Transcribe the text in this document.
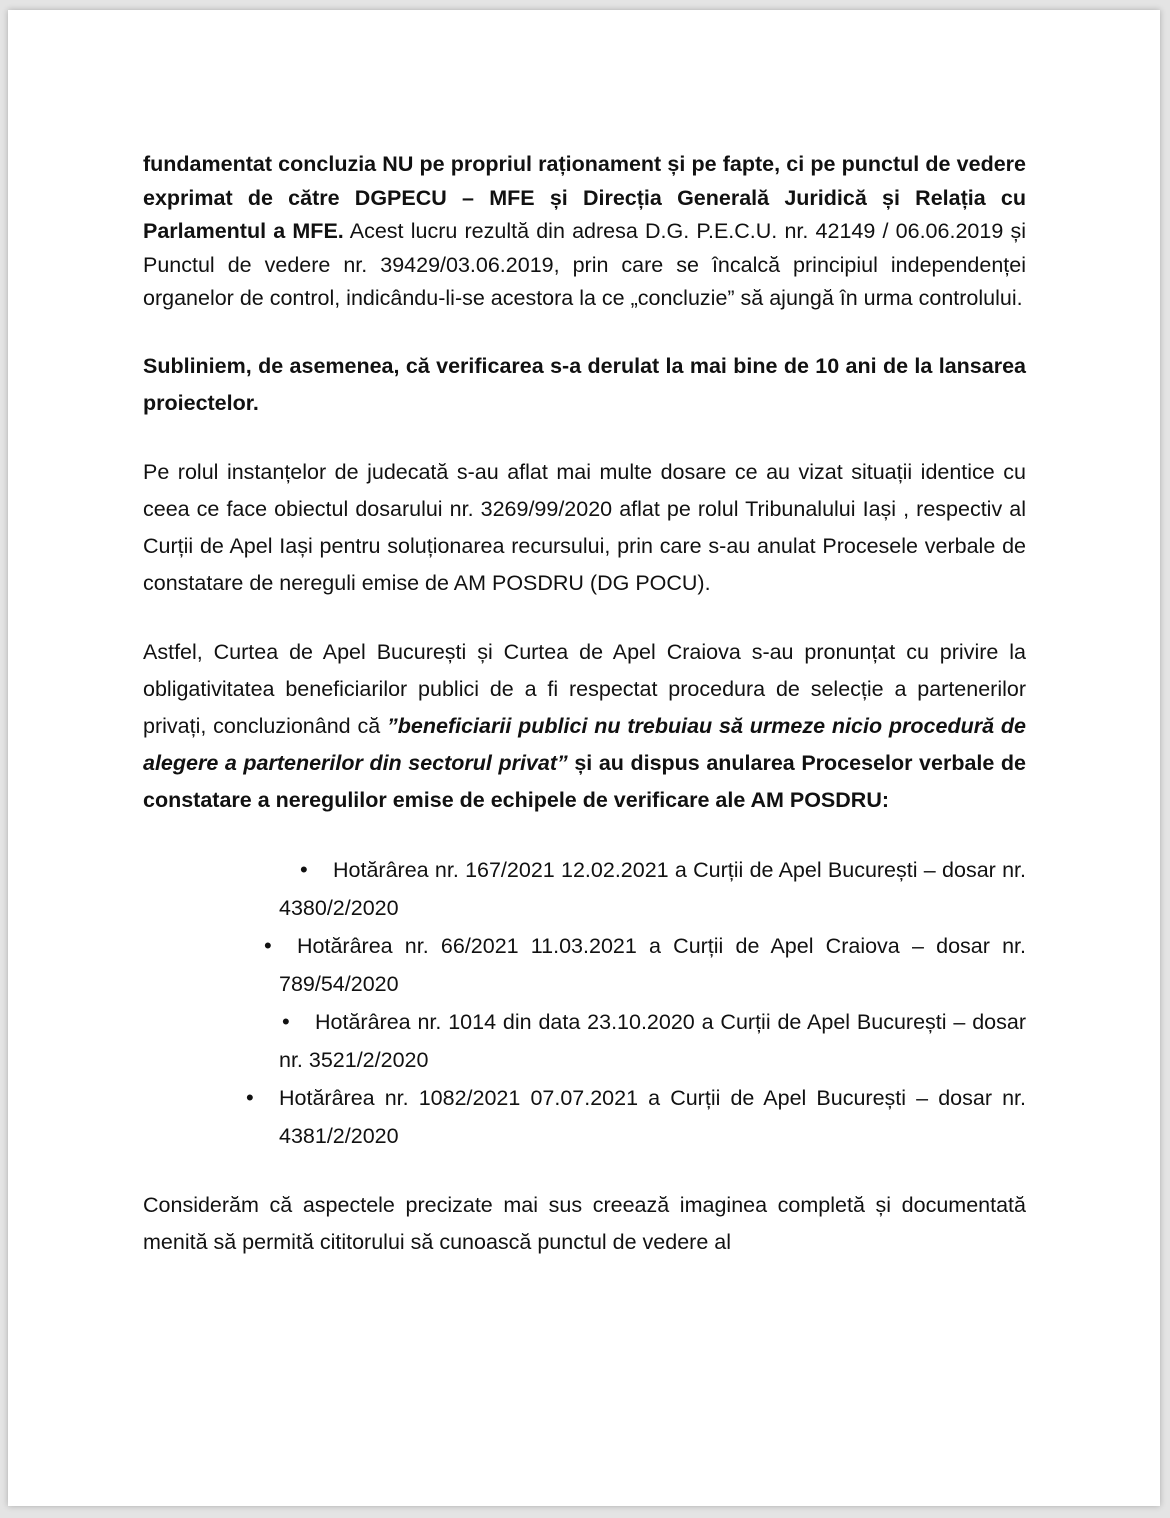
fundamentat concluzia NU pe propriul raționament și pe fapte, ci pe punctul de vedere exprimat de către DGPECU – MFE și Direcția Generală Juridică și Relația cu Parlamentul a MFE. Acest lucru rezultă din adresa D.G. P.E.C.U. nr. 42149 / 06.06.2019 și Punctul de vedere nr. 39429/03.06.2019, prin care se încalcă principiul independenței organelor de control, indicându-li-se acestora la ce „concluzie” să ajungă în urma controlului.

Subliniem, de asemenea, că verificarea s-a derulat la mai bine de 10 ani de la lansarea proiectelor.

Pe rolul instanțelor de judecată s-au aflat mai multe dosare ce au vizat situații identice cu ceea ce face obiectul dosarului nr. 3269/99/2020 aflat pe rolul Tribunalului Iași , respectiv al Curții de Apel Iași pentru soluționarea recursului, prin care s-au anulat Procesele verbale de constatare de nereguli emise de AM POSDRU (DG POCU).

Astfel, Curtea de Apel București și Curtea de Apel Craiova s-au pronunțat cu privire la obligativitatea beneficiarilor publici de a fi respectat procedura de selecție a partenerilor privați, concluzionând că ”beneficiarii publici nu trebuiau să urmeze nicio procedură de alegere a partenerilor din sectorul privat” și au dispus anularea Proceselor verbale de constatare a neregulilor emise de echipele de verificare ale AM POSDRU:

• Hotărârea nr. 167/2021 12.02.2021 a Curții de Apel București – dosar nr. 4380/2/2020
• Hotărârea nr. 66/2021 11.03.2021 a Curții de Apel Craiova – dosar nr. 789/54/2020
• Hotărârea nr. 1014 din data 23.10.2020 a Curții de Apel București – dosar nr. 3521/2/2020
• Hotărârea nr. 1082/2021 07.07.2021 a Curții de Apel București – dosar nr. 4381/2/2020

Considerăm că aspectele precizate mai sus creează imaginea completă și documentată menită să permită cititorului să cunoască punctul de vedere al
